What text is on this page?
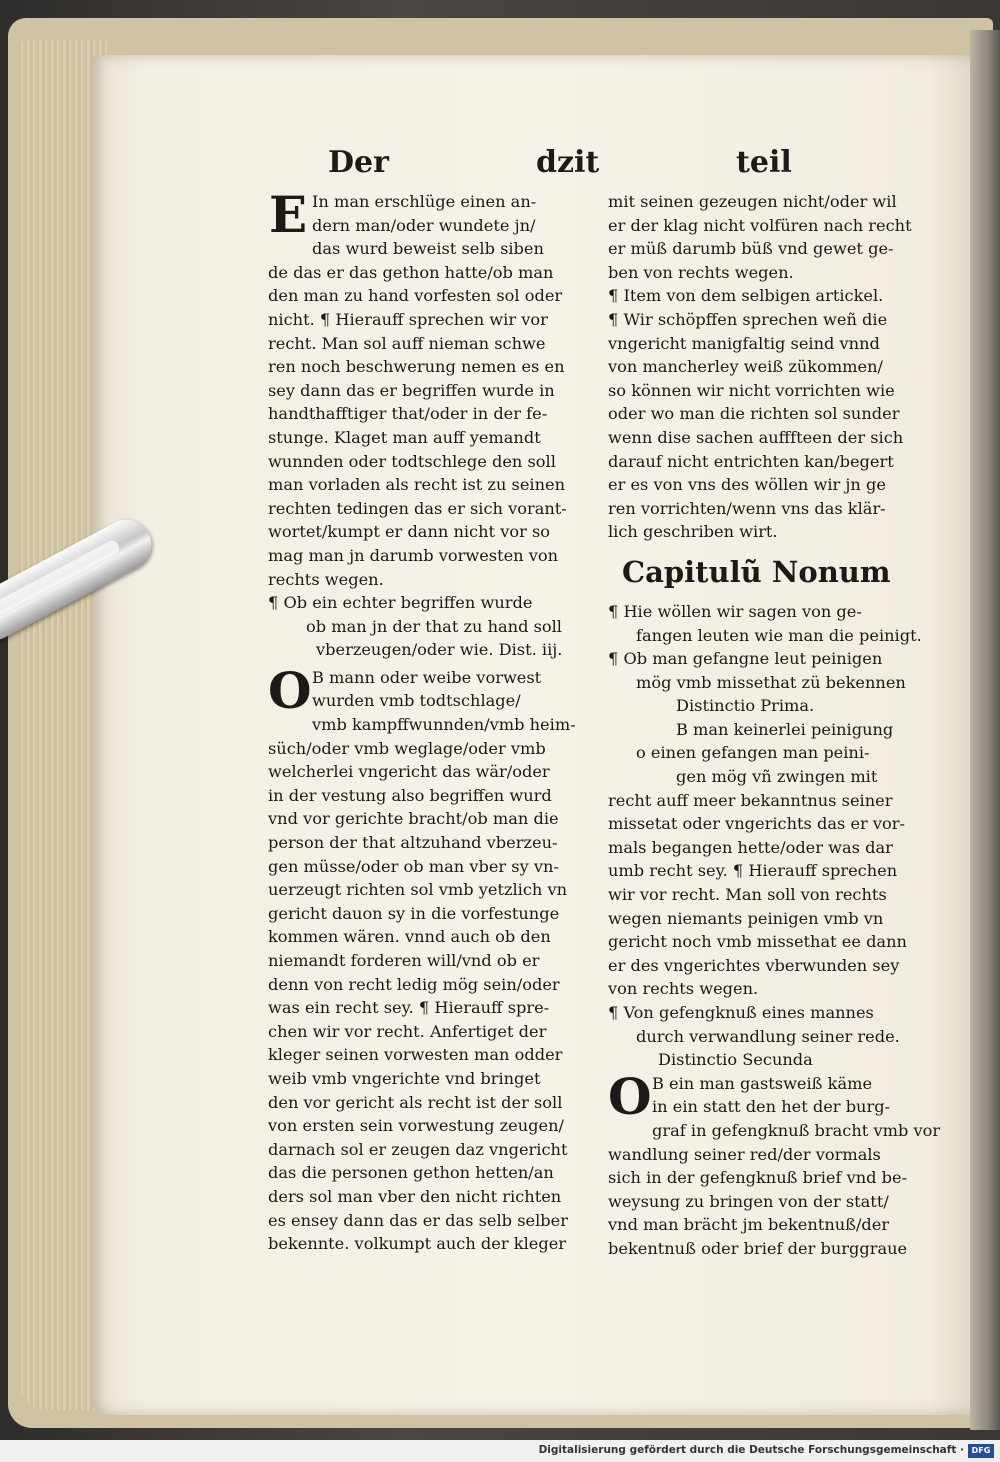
Der	dzit	teil
E In man erschlüge einen an-
dern man/oder wundete jn/
das wurd beweist selb siben
de das er das gethon hatte/ob man
den man zu hand vorfesten sol oder
nicht. ¶ Hierauff sprechen wir vor
recht. Man sol auff nieman schwe
ren noch beschwerung nemen es en
sey dann das er begriffen wurde in
handthafftiger that/oder in der fe-
stunge. Klaget man auff yemandt
wunnden oder todtschlege den soll
man vorladen als recht ist zu seinen
rechten tedingen das er sich vorant-
wortet/kumpt er dann nicht vor so
mag man jn darumb vorwesten von
rechts wegen.
¶ Ob ein echter begriffen wurde
ob man jn der that zu hand soll
vberzeugen/oder wie. Dist. iij.
O B mann oder weibe vorwest
wurden vmb todtschlage/
vmb kampffwunnden/vmb heim-
süch/oder vmb weglage/oder vmb
welcherlei vngericht das wär/oder
in der vestung also begriffen wurd
vnd vor gerichte bracht/ob man die
person der that altzuhand vberzeu-
gen müsse/oder ob man vber sy vn-
uerzeugt richten sol vmb yetzlich vn
gericht dauon sy in die vorfestunge
kommen wären. vnnd auch ob den
niemandt forderen will/vnd ob er
denn von recht ledig mög sein/oder
was ein recht sey. ¶ Hierauff spre-
chen wir vor recht. Anfertiget der
kleger seinen vorwesten man odder
weib vmb vngerichte vnd bringet
den vor gericht als recht ist der soll
von ersten sein vorwestung zeugen/
darnach sol er zeugen daz vngericht
das die personen gethon hetten/an
ders sol man vber den nicht richten
es ensey dann das er das selb selber
bekennte. volkumpt auch der kleger
mit seinen gezeugen nicht/oder wil
er der klag nicht volfüren nach recht
er müß darumb büß vnd gewet ge-
ben von rechts wegen.
¶ Item von dem selbigen artickel.
¶ Wir schöpffen sprechen weñ die
vngericht manigfaltig seind vnnd
von mancherley weiß zükommen/
so können wir nicht vorrichten wie
oder wo man die richten sol sunder
wenn dise sachen aufffteen der sich
darauf nicht entrichten kan/begert
er es von vns des wöllen wir jn ge
ren vorrichten/wenn vns das klär-
lich geschriben wirt.
Capitulũ Nonum
¶ Hie wöllen wir sagen von ge-
fangen leuten wie man die peinigt.
¶ Ob man gefangne leut peinigen
mög vmb missethat zü bekennen
Distinctio Prima.
B man keinerlei peinigung
o einen gefangen man peini-
gen mög vñ zwingen mit
recht auff meer bekanntnus seiner
missetat oder vngerichts das er vor-
mals begangen hette/oder was dar
umb recht sey. ¶ Hierauff sprechen
wir vor recht. Man soll von rechts
wegen niemants peinigen vmb vn
gericht noch vmb missethat ee dann
er des vngerichtes vberwunden sey
von rechts wegen.
¶ Von gefengknuß eines mannes
durch verwandlung seiner rede.
Distinctio Secunda
O B ein man gastsweiß käme
in ein statt den het der burg-
graf in gefengknuß bracht vmb vor
wandlung seiner red/der vormals
sich in der gefengknuß brief vnd be-
weysung zu bringen von der statt/
vnd man brächt jm bekentnuß/der
bekentnuß oder brief der burggraue
Digitalisierung gefördert durch die Deutsche Forschungsgemeinschaft · DFG
